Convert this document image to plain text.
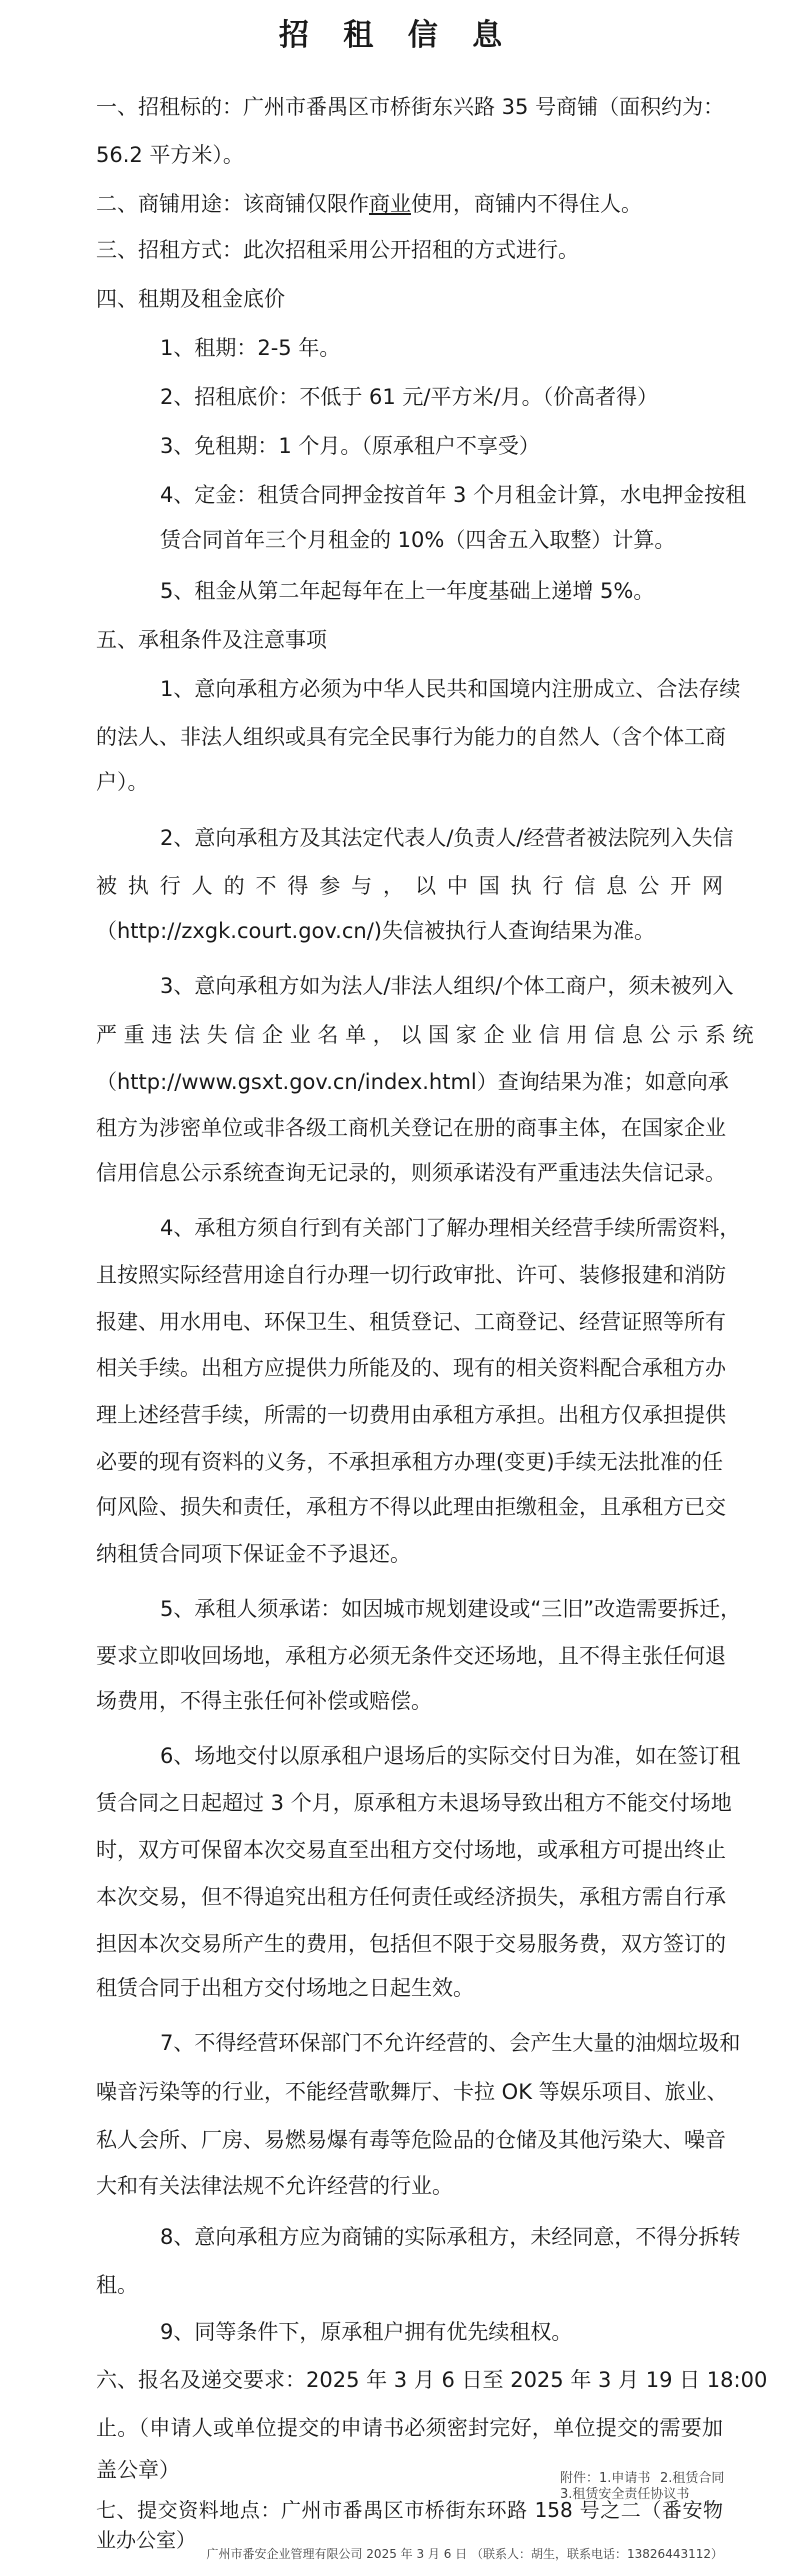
招 租 信 息
一、招租标的：广州市番禺区市桥街东兴路 35 号商铺（面积约为：
56.2 平方米）。
二、商铺用途：该商铺仅限作商业使用，商铺内不得住人。
三、招租方式：此次招租采用公开招租的方式进行。
四、租期及租金底价
1、租期：2-5 年。
2、招租底价：不低于 61 元/平方米/月。（价高者得）
3、免租期：1 个月。（原承租户不享受）
4、定金：租赁合同押金按首年 3 个月租金计算，水电押金按租
赁合同首年三个月租金的 10%（四舍五入取整）计算。
5、租金从第二年起每年在上一年度基础上递增 5%。
五、承租条件及注意事项
1、意向承租方必须为中华人民共和国境内注册成立、合法存续
的法人、非法人组织或具有完全民事行为能力的自然人（含个体工商
户）。
2、意向承租方及其法定代表人/负责人/经营者被法院列入失信
被 执 行 人 的 不 得 参 与 ， 以 中 国 执 行 信 息 公 开 网
（http://zxgk.court.gov.cn/)失信被执行人查询结果为准。
3、意向承租方如为法人/非法人组织/个体工商户，须未被列入
严 重 违 法 失 信 企 业 名 单 ， 以 国 家 企 业 信 用 信 息 公 示 系 统
（http://www.gsxt.gov.cn/index.html）查询结果为准；如意向承
租方为涉密单位或非各级工商机关登记在册的商事主体，在国家企业
信用信息公示系统查询无记录的，则须承诺没有严重违法失信记录。
4、承租方须自行到有关部门了解办理相关经营手续所需资料，
且按照实际经营用途自行办理一切行政审批、许可、装修报建和消防
报建、用水用电、环保卫生、租赁登记、工商登记、经营证照等所有
相关手续。出租方应提供力所能及的、现有的相关资料配合承租方办
理上述经营手续，所需的一切费用由承租方承担。出租方仅承担提供
必要的现有资料的义务，不承担承租方办理(变更)手续无法批准的任
何风险、损失和责任，承租方不得以此理由拒缴租金，且承租方已交
纳租赁合同项下保证金不予退还。
5、承租人须承诺：如因城市规划建设或“三旧”改造需要拆迁，
要求立即收回场地，承租方必须无条件交还场地，且不得主张任何退
场费用，不得主张任何补偿或赔偿。
6、场地交付以原承租户退场后的实际交付日为准，如在签订租
赁合同之日起超过 3 个月，原承租方未退场导致出租方不能交付场地
时，双方可保留本次交易直至出租方交付场地，或承租方可提出终止
本次交易，但不得追究出租方任何责任或经济损失，承租方需自行承
担因本次交易所产生的费用，包括但不限于交易服务费，双方签订的
租赁合同于出租方交付场地之日起生效。
7、不得经营环保部门不允许经营的、会产生大量的油烟垃圾和
噪音污染等的行业，不能经营歌舞厅、卡拉 OK 等娱乐项目、旅业、
私人会所、厂房、易燃易爆有毒等危险品的仓储及其他污染大、噪音
大和有关法律法规不允许经营的行业。
8、意向承租方应为商铺的实际承租方，未经同意，不得分拆转
租。
9、同等条件下，原承租户拥有优先续租权。
六、报名及递交要求：2025 年 3 月 6 日至 2025 年 3 月 19 日 18:00
止。（申请人或单位提交的申请书必须密封完好，单位提交的需要加
盖公章）
七、提交资料地点：广州市番禺区市桥街东环路 158 号之二（番安物
业办公室）
附件：1.申请书 2.租赁合同
3.租赁安全责任协议书
广州市番安企业管理有限公司 2025 年 3 月 6 日 （联系人：胡生，联系电话：13826443112）
